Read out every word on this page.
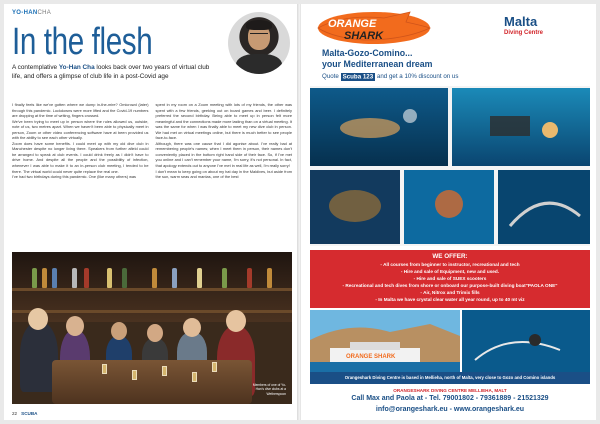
YO-HANCHA
In the flesh
A contemplative Yo-Han Cha looks back over two years of virtual club life, and offers a glimpse of club life in a post-Covid age
I finally feels like we've gotten where we dump in-the-mire? Omicrowd (later) through this pandemic. Lockdowns were more lifted and the Covid-19 numbers are dropping at the time of writing, fingers crossed.
We've been trying to meet up in person where the rules allowed us, outside, note of us, two metres apart. When we haven't been able to physically meet in person, Zoom or other video conferencing software have at been provided us with the ability to see each other virtually.
Zoom does have some benefits. I could meet up with my old dive club in Manchester despite no longer living there. Speakers from further afield could be arranged to speak at club events. I could drink freely as I didn't have to drive home. And despite all the people and the possibility of infection, whenever I was able to make it to an in-person club meeting, I tended to be there. The virtual world could never quite replace the real one.
I've had two birthdays during this pandemic. One (like many others) was
spent in my room on a Zoom meeting with lots of my friends, the other was spent with a few friends, geeking out on board games and beer. I definitely preferred the second birthday. Being able to meet up in person felt more meaningful and the connections made more lasting than on a virtual meeting. It was the same for when I was finally able to meet my new dive club in person. We had met on virtual meetings online, but there is much better to see people face-to-face.
Although, there was one cause that I did agonise about. I've really bad at remembering people's names; when I meet them in person, their names don't conveniently placed in the bottom right hand side of their face. So, if I've met you online and I can't remember your name, I'm sorry, it's not personal. In fact, that apology extends out to anyone I've met in real life as well, I'm really sorry!
I don't mean to keep going on about my hat day in the Maldives, but aside from the sun, warm seas and mantas, one of the best
Members of one of Yo-Han's dive clubs at a Wetherspoon
22 SCUBA
ORANGE
SHARK
Malta
Diving Centre
Malta-Gozo-Comino...
your Mediterranean dream
Quote Scuba 123 and get a 10% discount on us
WE OFFER:
- All courses from beginner to instructor, recreational and tech
- Hire and sale of Equipment, new and used.
- Hire and sale of SUEX scooters
- Recreational and tech dives from shore or onboard our purpose-built diving boat"PAOLA ONE"
- Air, Nitrox and Trimix fills
- In Malta we have crystal clear water all year round, up to 40 mt viz
ORANGE SHARK
Orangeshark Diving Centre is based in Mellieha, north of Malta, very close to Gozo and Comino islands
ORANGESHARK DIVING CENTRE MELLIEHA, MALT
Call Max and Paola at - Tel. 79001802 - 79361889 - 21521329
info@orangeshark.eu - www.orangeshark.eu
